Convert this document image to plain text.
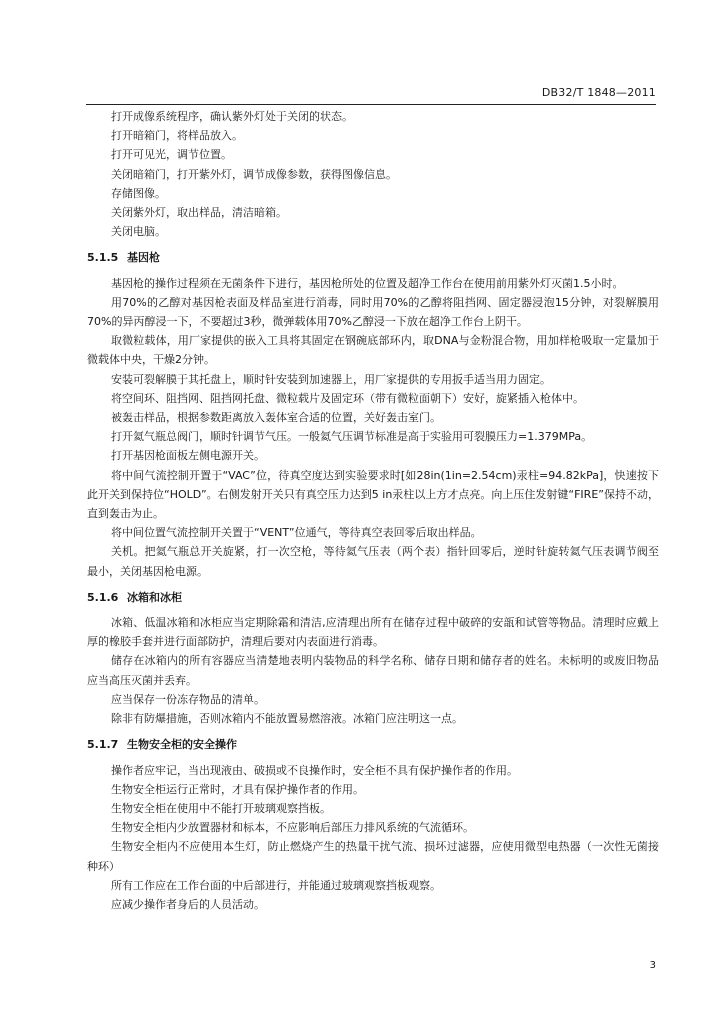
DB32/T 1848—2011

打开成像系统程序，确认紫外灯处于关闭的状态。

打开暗箱门，将样品放入。

打开可见光，调节位置。

关闭暗箱门，打开紫外灯，调节成像参数，获得图像信息。

存储图像。

关闭紫外灯，取出样品，清洁暗箱。

关闭电脑。

5.1.5 基因枪

基因枪的操作过程须在无菌条件下进行，基因枪所处的位置及超净工作台在使用前用紫外灯灭菌1.5小时。

用70%的乙醇对基因枪表面及样品室进行消毒，同时用70%的乙醇将阻挡网、固定器浸泡15分钟，对裂解膜用70%的异丙醇浸一下，不要超过3秒，微弹载体用70%乙醇浸一下放在超净工作台上阴干。

取微粒载体，用厂家提供的嵌入工具将其固定在钢碗底部环内，取DNA与金粉混合物，用加样枪吸取一定量加于微载体中央，干燥2分钟。

安装可裂解膜于其托盘上，顺时针安装到加速器上，用厂家提供的专用扳手适当用力固定。

将空间环、阻挡网、阻挡网托盘、微粒载片及固定环（带有微粒面朝下）安好，旋紧插入枪体中。

被轰击样品，根据参数距离放入轰体室合适的位置，关好轰击室门。

打开氦气瓶总阀门，顺时针调节气压。一般氦气压调节标准是高于实验用可裂膜压力=1.379MPa。

打开基因枪面板左侧电源开关。

将中间气流控制开置于“VAC”位，待真空度达到实验要求时[如28in(1in=2.54cm)汞柱=94.82kPa]，快速按下此开关到保持位“HOLD”。右侧发射开关只有真空压力达到5 in汞柱以上方才点亮。向上压住发射键“FIRE”保持不动，直到轰击为止。

将中间位置气流控制开关置于“VENT”位通气，等待真空表回零后取出样品。

关机。把氦气瓶总开关旋紧，打一次空枪，等待氦气压表（两个表）指针回零后，逆时针旋转氦气压表调节阀至最小，关闭基因枪电源。

5.1.6 冰箱和冰柜

冰箱、低温冰箱和冰柜应当定期除霜和清洁,应清理出所有在储存过程中破碎的安瓿和试管等物品。清理时应戴上厚的橡胶手套并进行面部防护，清理后要对内表面进行消毒。

储存在冰箱内的所有容器应当清楚地表明内装物品的科学名称、储存日期和储存者的姓名。未标明的或废旧物品应当高压灭菌并丢弃。

应当保存一份冻存物品的清单。

除非有防爆措施，否则冰箱内不能放置易燃溶液。冰箱门应注明这一点。

5.1.7 生物安全柜的安全操作

操作者应牢记，当出现液由、破损或不良操作时，安全柜不具有保护操作者的作用。

生物安全柜运行正常时，才具有保护操作者的作用。

生物安全柜在使用中不能打开玻璃观察挡板。

生物安全柜内少放置器材和标本，不应影响后部压力排风系统的气流循环。

生物安全柜内不应使用本生灯，防止燃烧产生的热量干扰气流、损坏过滤器，应使用微型电热器（一次性无菌接种环）

所有工作应在工作台面的中后部进行，并能通过玻璃观察挡板观察。

应减少操作者身后的人员活动。

3
